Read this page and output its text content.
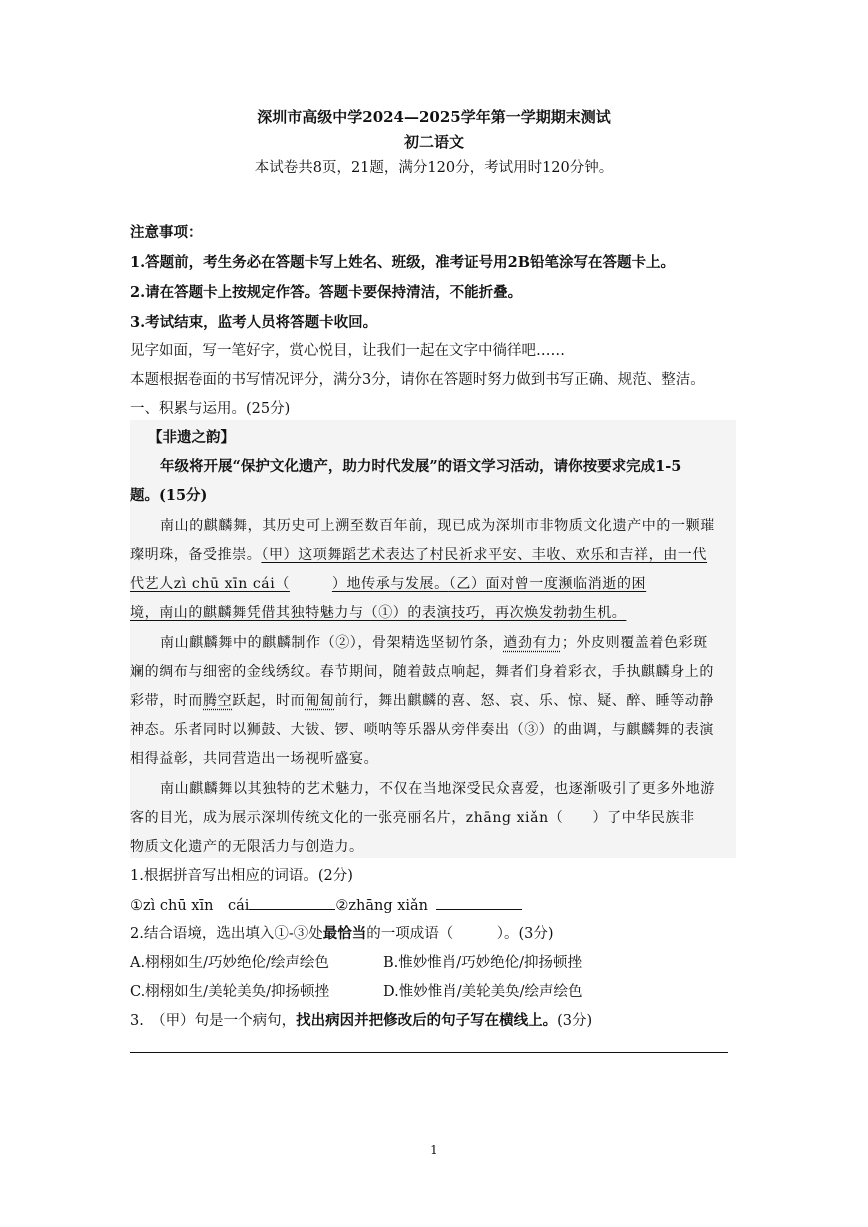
深圳市高级中学2024—2025学年第一学期期末测试
初二语文
本试卷共8页，21题，满分120分，考试用时120分钟。
注意事项：
1.答题前，考生务必在答题卡写上姓名、班级，准考证号用2B铅笔涂写在答题卡上。
2.请在答题卡上按规定作答。答题卡要保持清洁，不能折叠。
3.考试结束，监考人员将答题卡收回。
见字如面，写一笔好字，赏心悦目，让我们一起在文字中徜徉吧……
本题根据卷面的书写情况评分，满分3分，请你在答题时努力做到书写正确、规范、整洁。
一、积累与运用。(25分)
【非遗之韵】
年级将开展“保护文化遗产，助力时代发展”的语文学习活动，请你按要求完成1-5
题。(15分)
南山的麒麟舞，其历史可上溯至数百年前，现已成为深圳市非物质文化遗产中的一颗璀
璨明珠，备受推崇。（甲）这项舞蹈艺术表达了村民祈求平安、丰收、欢乐和吉祥，由一代
代艺人zì chū xīn cái（	）地传承与发展。（乙）面对曾一度濒临消逝的困
境，南山的麒麟舞凭借其独特魅力与（①）的表演技巧，再次焕发勃勃生机。
南山麒麟舞中的麒麟制作（②），骨架精选坚韧竹条，遒劲有力；外皮则覆盖着色彩斑
斓的绸布与细密的金线绣纹。春节期间，随着鼓点响起，舞者们身着彩衣，手执麒麟身上的
彩带，时而腾空跃起，时而匍匐前行，舞出麒麟的喜、怒、哀、乐、惊、疑、醉、睡等动静
神态。乐者同时以狮鼓、大钹、锣、唢呐等乐器从旁伴奏出（③）的曲调，与麒麟舞的表演
相得益彰，共同营造出一场视听盛宴。
南山麒麟舞以其独特的艺术魅力，不仅在当地深受民众喜爱，也逐渐吸引了更多外地游
客的目光，成为展示深圳传统文化的一张亮丽名片，zhāng xiǎn（　　）了中华民族非
物质文化遗产的无限活力与创造力。
1.根据拼音写出相应的词语。(2分)
①zì chū xīn　cái	②zhāng xiǎn
2.结合语境，选出填入①-③处最恰当的一项成语（　　　）。(3分)
A.栩栩如生/巧妙绝伦/绘声绘色	B.惟妙惟肖/巧妙绝伦/抑扬顿挫
C.栩栩如生/美轮美奂/抑扬顿挫	D.惟妙惟肖/美轮美奂/绘声绘色
3.　（甲）句是一个病句，找出病因并把修改后的句子写在横线上。(3分)
1
